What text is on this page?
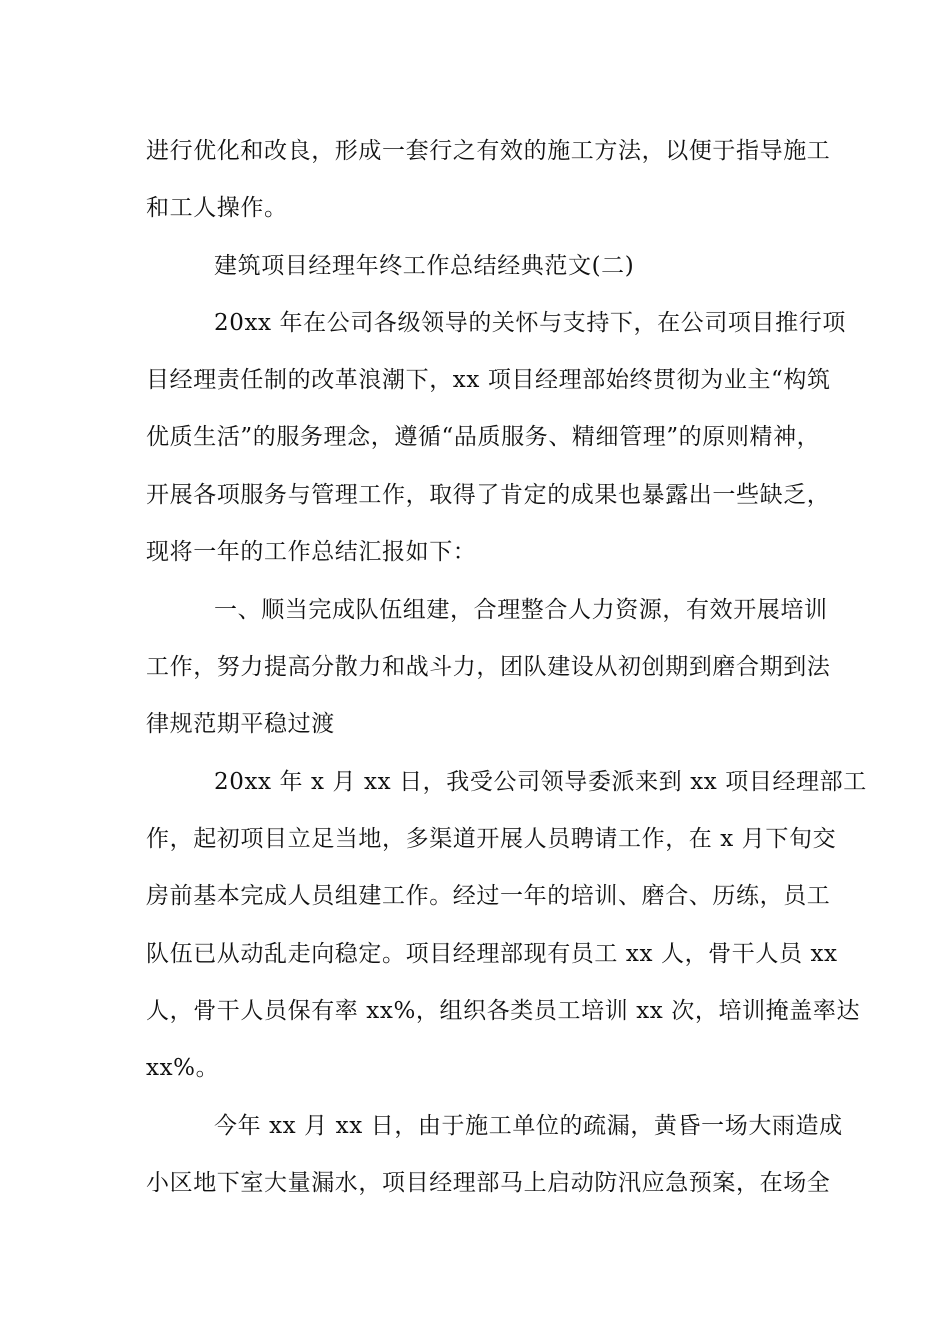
进行优化和改良，形成一套行之有效的施工方法，以便于指导施工
和工人操作。
建筑项目经理年终工作总结经典范文(二)
20xx 年在公司各级领导的关怀与支持下，在公司项目推行项
目经理责任制的改革浪潮下，xx 项目经理部始终贯彻为业主“构筑
优质生活”的服务理念，遵循“品质服务、精细管理”的原则精神，
开展各项服务与管理工作，取得了肯定的成果也暴露出一些缺乏，
现将一年的工作总结汇报如下：
一、顺当完成队伍组建，合理整合人力资源，有效开展培训
工作，努力提高分散力和战斗力，团队建设从初创期到磨合期到法
律规范期平稳过渡
20xx 年 x 月 xx 日，我受公司领导委派来到 xx 项目经理部工
作，起初项目立足当地，多渠道开展人员聘请工作，在 x 月下旬交
房前基本完成人员组建工作。经过一年的培训、磨合、历练，员工
队伍已从动乱走向稳定。项目经理部现有员工 xx 人，骨干人员 xx
人，骨干人员保有率 xx%，组织各类员工培训 xx 次，培训掩盖率达
xx%。
今年 xx 月 xx 日，由于施工单位的疏漏，黄昏一场大雨造成
小区地下室大量漏水，项目经理部马上启动防汛应急预案，在场全
